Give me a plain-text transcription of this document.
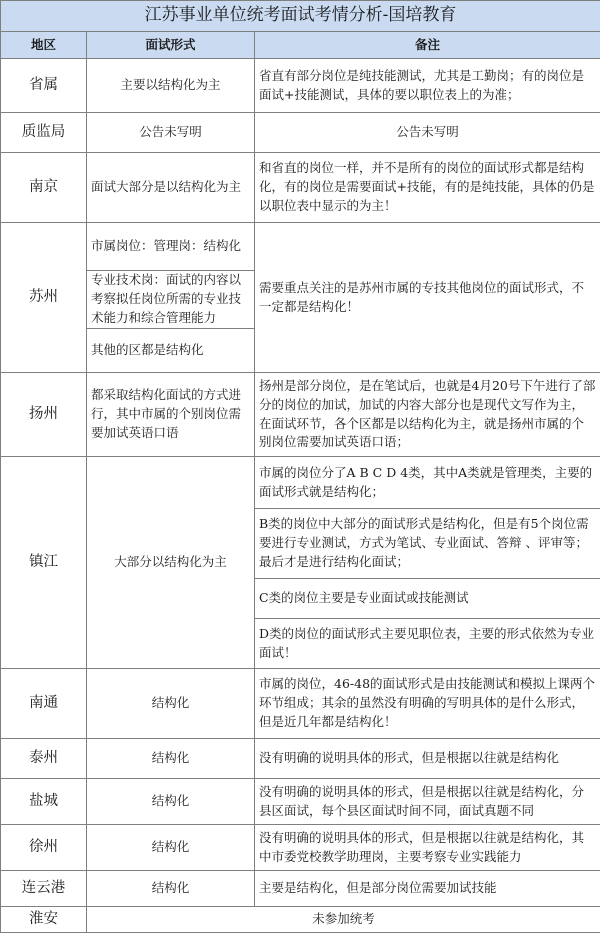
江苏事业单位统考面试考情分析-国培教育		
地区	面试形式	备注
省属	主要以结构化为主	省直有部分岗位是纯技能测试，尤其是工勤岗；有的岗位是面试+技能测试，具体的要以职位表上的为准；
质监局	公告未写明	公告未写明
南京	面试大部分是以结构化为主	和省直的岗位一样，并不是所有的岗位的面试形式都是结构化，有的岗位是需要面试+技能，有的是纯技能，具体的仍是以职位表中显示的为主！
苏州	市属岗位：管理岗：结构化	需要重点关注的是苏州市属的专技其他岗位的面试形式，不一定都是结构化！
	专业技术岗：面试的内容以考察拟任岗位所需的专业技术能力和综合管理能力	
	其他的区都是结构化	
扬州	都采取结构化面试的方式进行，其中市属的个别岗位需要加试英语口语	扬州是部分岗位，是在笔试后，也就是4月20号下午进行了部分的岗位的加试，加试的内容大部分也是现代文写作为主，在面试环节，各个区都是以结构化为主，就是扬州市属的个别岗位需要加试英语口语；
镇江	大部分以结构化为主	市属的岗位分了A B C D 4类，其中A类就是管理类，主要的面试形式就是结构化；
		B类的岗位中大部分的面试形式是结构化，但是有5个岗位需要进行专业测试，方式为笔试、专业面试、答辩 、评审等；最后才是进行结构化面试；
		C类的岗位主要是专业面试或技能测试
		D类的岗位的面试形式主要见职位表，主要的形式依然为专业面试！
南通	结构化	市属的岗位，46-48的面试形式是由技能测试和模拟上课两个环节组成；其余的虽然没有明确的写明具体的是什么形式，但是近几年都是结构化！
泰州	结构化	没有明确的说明具体的形式，但是根据以往就是结构化
盐城	结构化	没有明确的说明具体的形式，但是根据以往就是结构化，分县区面试，每个县区面试时间不同，面试真题不同
徐州	结构化	没有明确的说明具体的形式，但是根据以往就是结构化，其中市委党校教学助理岗，主要考察专业实践能力
连云港	结构化	主要是结构化，但是部分岗位需要加试技能
淮安	未参加统考	
